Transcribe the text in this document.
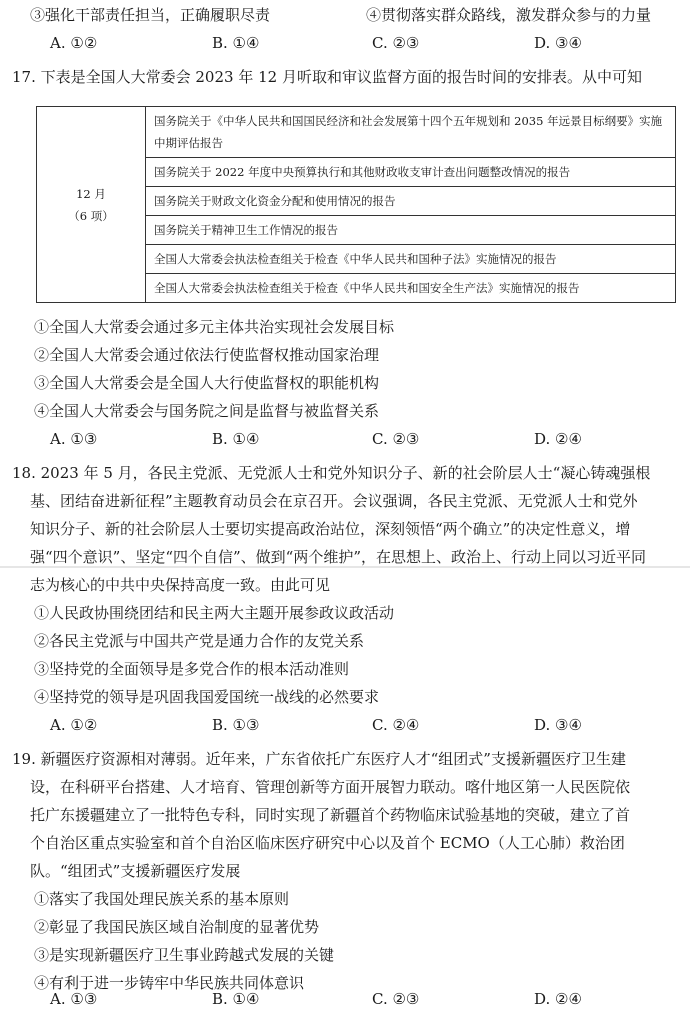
③强化干部责任担当，正确履职尽责	④贯彻落实群众路线，激发群众参与的力量
A. ①②	B. ①④	C. ②③	D. ③④
17. 下表是全国人大常委会 2023 年 12 月听取和审议监督方面的报告时间的安排表。从中可知
12 月
（6 项）
	国务院关于《中华人民共和国国民经济和社会发展第十四个五年规划和 2035 年远景目标纲要》实施中期评估报告
国务院关于 2022 年度中央预算执行和其他财政收支审计查出问题整改情况的报告
国务院关于财政文化资金分配和使用情况的报告
国务院关于精神卫生工作情况的报告
全国人大常委会执法检查组关于检查《中华人民共和国种子法》实施情况的报告
全国人大常委会执法检查组关于检查《中华人民共和国安全生产法》实施情况的报告
①全国人大常委会通过多元主体共治实现社会发展目标
②全国人大常委会通过依法行使监督权推动国家治理
③全国人大常委会是全国人大行使监督权的职能机构
④全国人大常委会与国务院之间是监督与被监督关系
A. ①③	B. ①④	C. ②③	D. ②④
18. 2023 年 5 月，各民主党派、无党派人士和党外知识分子、新的社会阶层人士“凝心铸魂强根
基、团结奋进新征程”主题教育动员会在京召开。会议强调，各民主党派、无党派人士和党外
知识分子、新的社会阶层人士要切实提高政治站位，深刻领悟“两个确立”的决定性意义，增
强“四个意识”、坚定“四个自信”、做到“两个维护”，在思想上、政治上、行动上同以习近平同
志为核心的中共中央保持高度一致。由此可见
①人民政协围绕团结和民主两大主题开展参政议政活动
②各民主党派与中国共产党是通力合作的友党关系
③坚持党的全面领导是多党合作的根本活动准则
④坚持党的领导是巩固我国爱国统一战线的必然要求
A. ①②	B. ①③	C. ②④	D. ③④
19. 新疆医疗资源相对薄弱。近年来，广东省依托广东医疗人才“组团式”支援新疆医疗卫生建
设，在科研平台搭建、人才培育、管理创新等方面开展智力联动。喀什地区第一人民医院依
托广东援疆建立了一批特色专科，同时实现了新疆首个药物临床试验基地的突破，建立了首
个自治区重点实验室和首个自治区临床医疗研究中心以及首个 ECMO（人工心肺）救治团
队。“组团式”支援新疆医疗发展
①落实了我国处理民族关系的基本原则
②彰显了我国民族区域自治制度的显著优势
③是实现新疆医疗卫生事业跨越式发展的关键
④有利于进一步铸牢中华民族共同体意识
A. ①③	B. ①④	C. ②③	D. ②④
